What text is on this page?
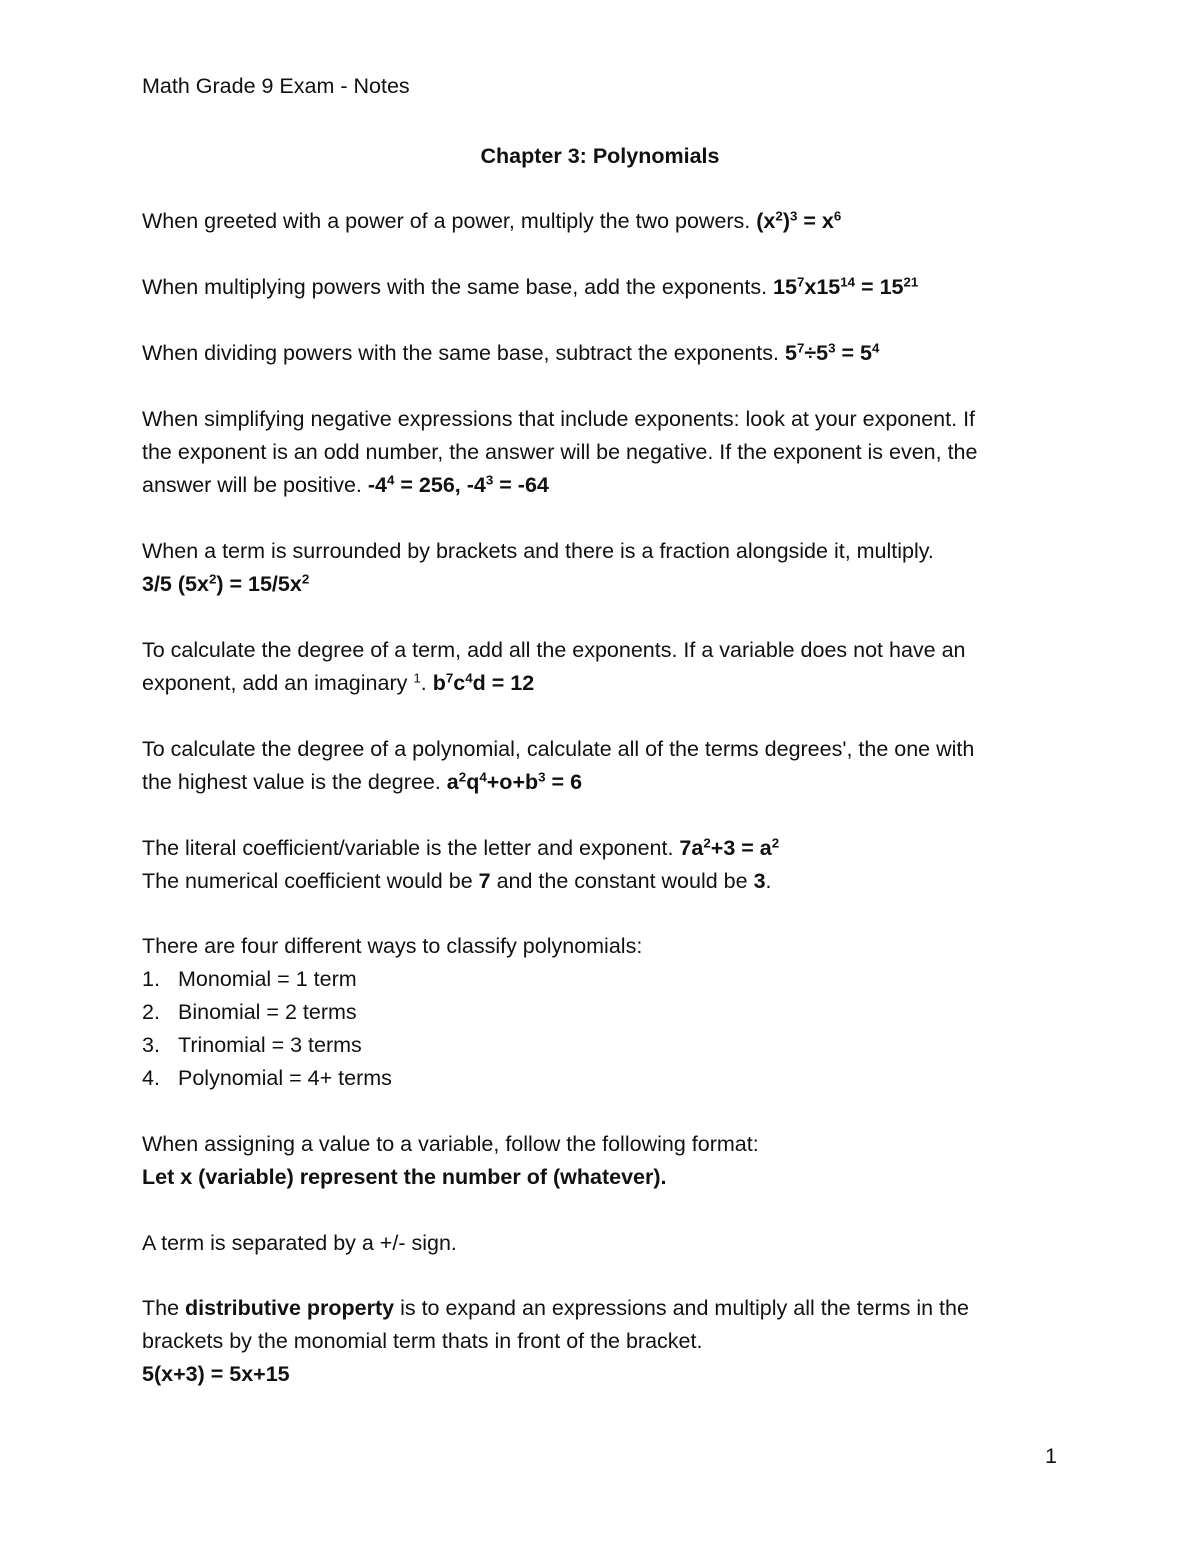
Math Grade 9 Exam - Notes
Chapter 3: Polynomials
When greeted with a power of a power, multiply the two powers. $(x^2)^3 = x^6$
When multiplying powers with the same base, add the exponents. $15^7x15^{14} = 15^{21}$
When dividing powers with the same base, subtract the exponents. $5^7\div 5^3 = 5^4$
When simplifying negative expressions that include exponents: look at your exponent. If
the exponent is an odd number, the answer will be negative. If the exponent is even, the
answer will be positive. $-4^4 = 256$, $-4^3 = -64$
When a term is surrounded by brackets and there is a fraction alongside it, multiply.
3/5 $(5x^2) = 15/5x^2$
To calculate the degree of a term, add all the exponents. If a variable does not have an
exponent, add an imaginary $^1$. $b^7c^4d = 12$
To calculate the degree of a polynomial, calculate all of the terms degrees', the one with
the highest value is the degree. $a^2q^4+o+b^3 = 6$
The literal coefficient/variable is the letter and exponent. $7a^2+3 = a^2$
The numerical coefficient would be 7 and the constant would be 3.
There are four different ways to classify polynomials:
1. Monomial = 1 term
2. Binomial = 2 terms
3. Trinomial = 3 terms
4. Polynomial = 4+ terms
When assigning a value to a variable, follow the following format:
Let x (variable) represent the number of (whatever).
A term is separated by a +/- sign.
The distributive property is to expand an expressions and multiply all the terms in the
brackets by the monomial term thats in front of the bracket.
5(x+3) = 5x+15
1
